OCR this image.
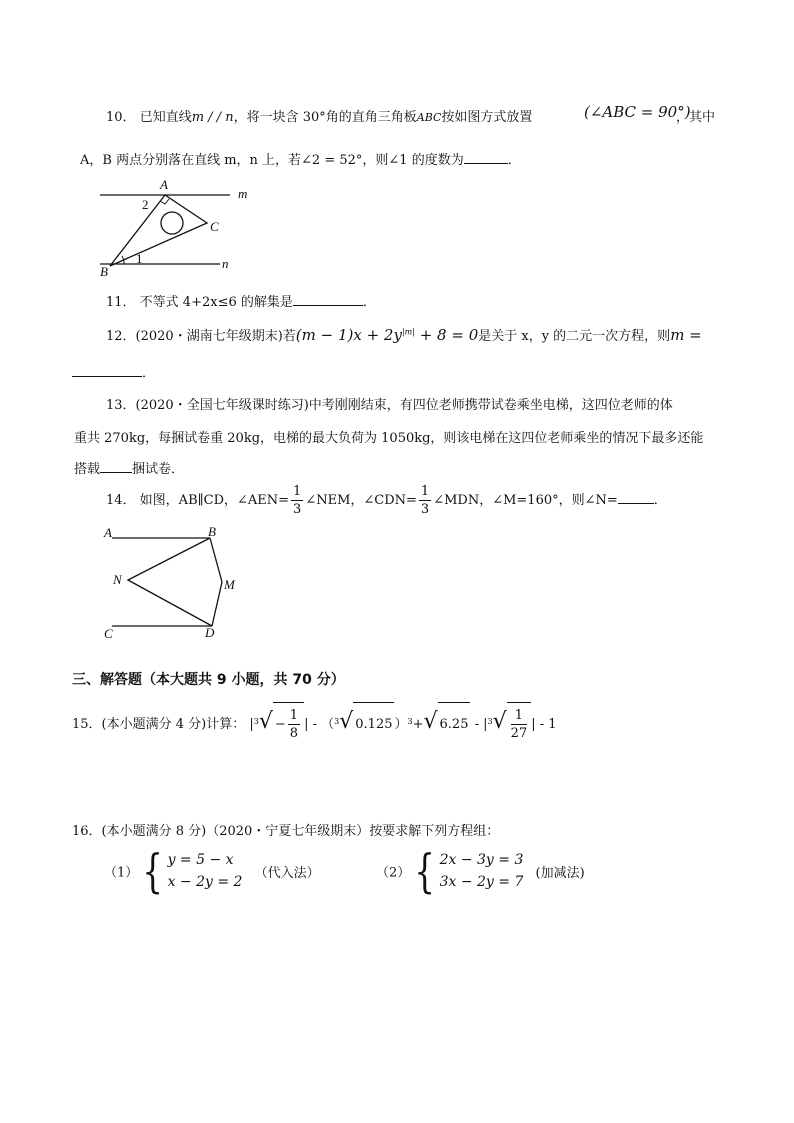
10． 已知直线m / / n，将一块含 30°角的直角三角板ABC按如图方式放置	(∠ABC = 90°)
，其中
A，B 两点分别落在直线 m，n 上，若∠2 = 52°，则∠1 的度数为	．
A
B
C
m
n
2
1
11． 不等式 4+2x≤6 的解集是	．
12．(2020・湖南七年级期末)若$(m - 1)x + 2y^{|m|} + 8 = 0$是关于 x，y 的二元一次方程，则m =
．
13．(2020・全国七年级课时练习)中考刚刚结束，有四位老师携带试卷乘坐电梯，这四位老师的体
重共 270kg，每捆试卷重 20kg，电梯的最大负荷为 1050kg，则该电梯在这四位老师乘坐的情况下最多还能
搭载 捆试卷．
14． 如图，AB∥CD，∠AEN= $\frac{1}{3}$ ∠NEM，∠CDN= $\frac{1}{3}$ ∠MDN，∠M=160°，则∠N=	．
A	B
C	D
M
N
三、解答题（本大题共 9 小题，共 70 分）
15．(本小题满分 4 分)计算： $|^3√ - \frac{1}{8}$ | - （$^3$√ 0.125 ）$^3$+√ $6.25 - |^3√ \frac{1}{27}$ | - 1
16．(本小题满分 8 分)（2020・宁夏七年级期末）按要求解下列方程组：
（1）{ y = 5 − x
x − 2y = 2 （代入法）	（2）{ 2x − 3y = 3
3x − 2y = 7 (加减法)
